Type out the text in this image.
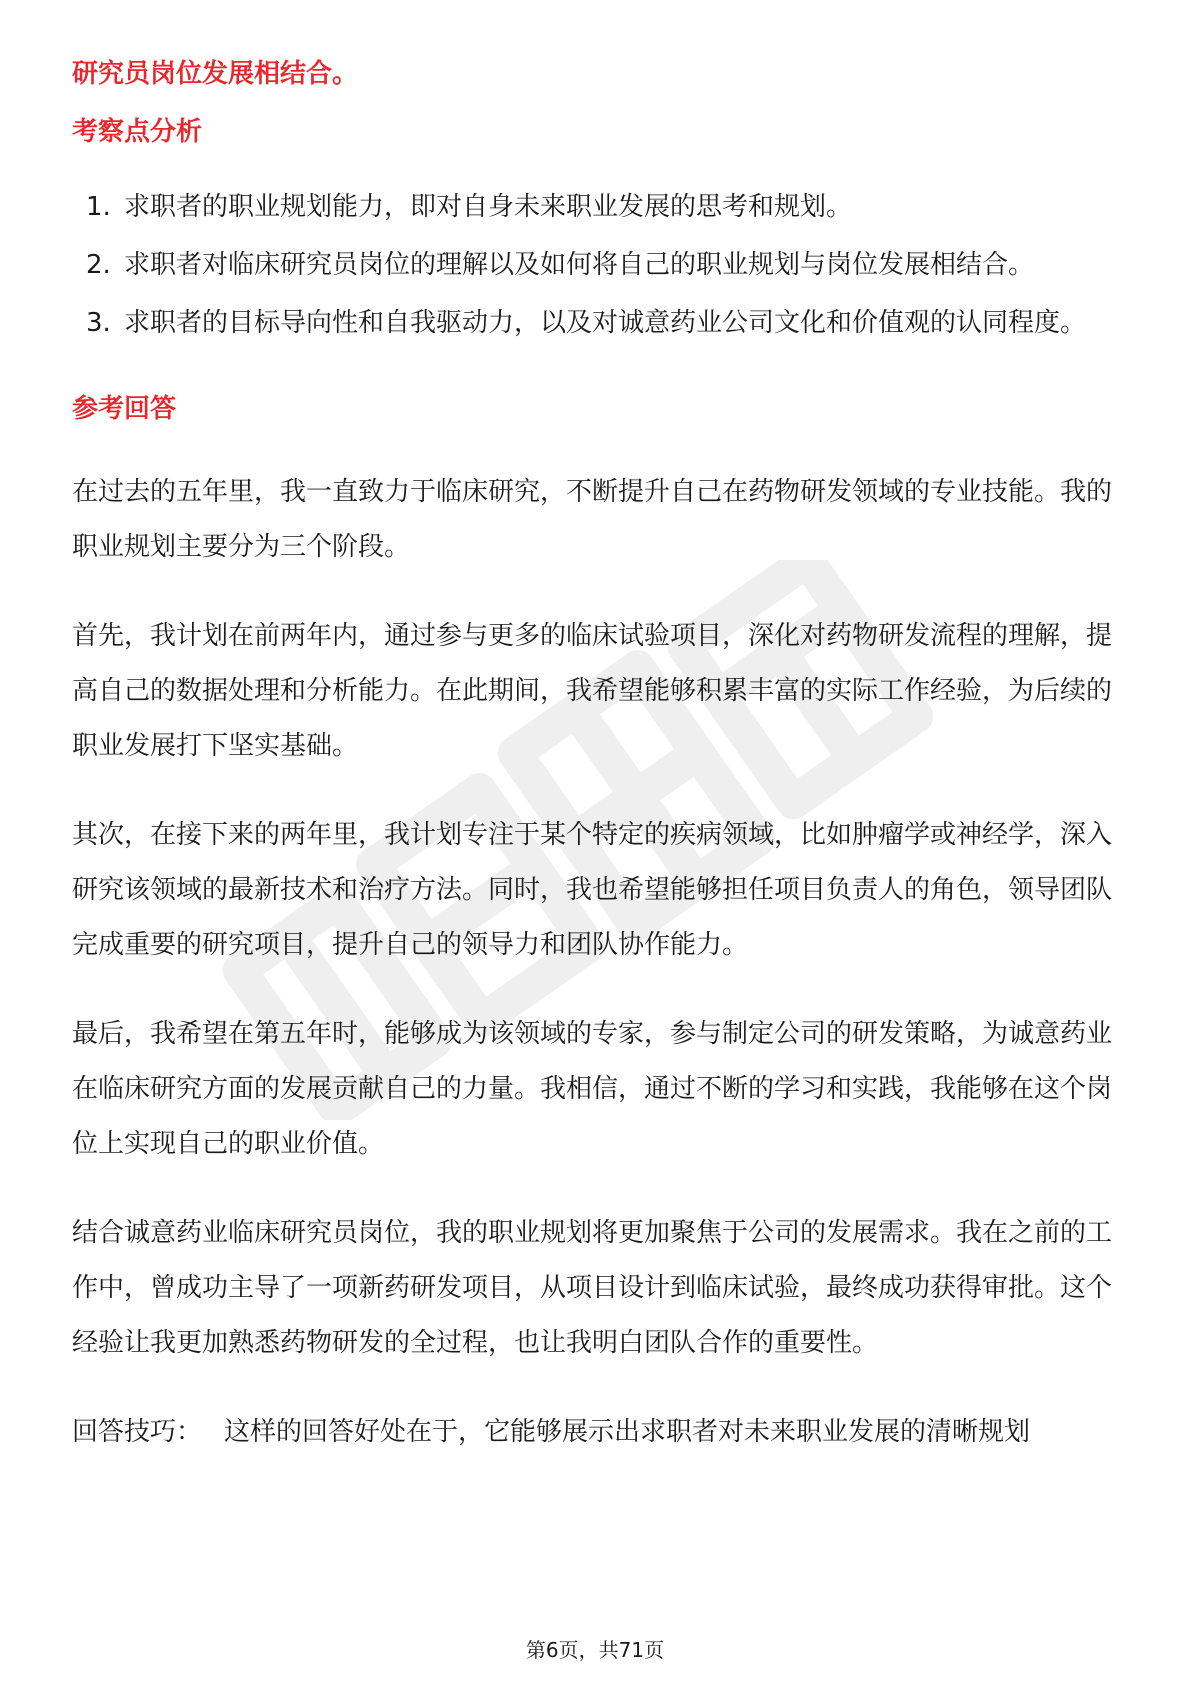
研究员岗位发展相结合。
考察点分析
1. 求职者的职业规划能力，即对自身未来职业发展的思考和规划。
2. 求职者对临床研究员岗位的理解以及如何将自己的职业规划与岗位发展相结合。
3. 求职者的目标导向性和自我驱动力，以及对诚意药业公司文化和价值观的认同程度。
参考回答

在过去的五年里，我一直致力于临床研究，不断提升自己在药物研发领域的专业技能。我的职业规划主要分为三个阶段。

首先，我计划在前两年内，通过参与更多的临床试验项目，深化对药物研发流程的理解，提高自己的数据处理和分析能力。在此期间，我希望能够积累丰富的实际工作经验，为后续的职业发展打下坚实基础。

其次，在接下来的两年里，我计划专注于某个特定的疾病领域，比如肿瘤学或神经学，深入研究该领域的最新技术和治疗方法。同时，我也希望能够担任项目负责人的角色，领导团队完成重要的研究项目，提升自己的领导力和团队协作能力。

最后，我希望在第五年时，能够成为该领域的专家，参与制定公司的研发策略，为诚意药业在临床研究方面的发展贡献自己的力量。我相信，通过不断的学习和实践，我能够在这个岗位上实现自己的职业价值。

结合诚意药业临床研究员岗位，我的职业规划将更加聚焦于公司的发展需求。我在之前的工作中，曾成功主导了一项新药研发项目，从项目设计到临床试验，最终成功获得审批。这个经验让我更加熟悉药物研发的全过程，也让我明白团队合作的重要性。

回答技巧： 这样的回答好处在于，它能够展示出求职者对未来职业发展的清晰规划

第6页，共71页
